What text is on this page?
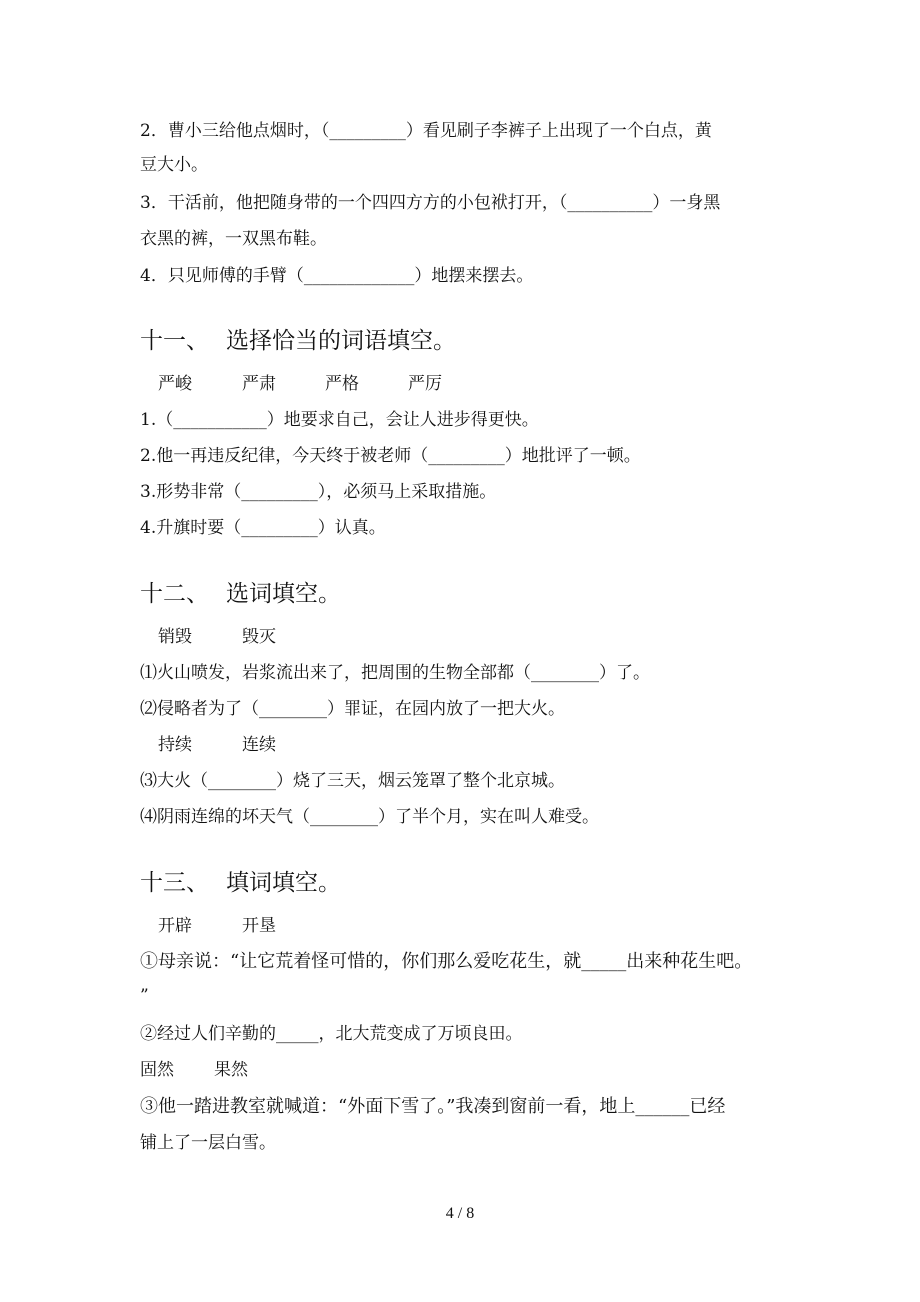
2．曹小三给他点烟时，（_________）看见刷子李裤子上出现了一个白点，黄
豆大小。
3．干活前，他把随身带的一个四四方方的小包袱打开，（__________）一身黑
衣黑的裤，一双黑布鞋。
4．只见师傅的手臂（_____________）地摆来摆去。
十一、 选择恰当的词语填空。
严峻	严肃	严格	严厉
1.（___________）地要求自己，会让人进步得更快。
2.他一再违反纪律，今天终于被老师（_________）地批评了一顿。
3.形势非常（_________），必须马上采取措施。
4.升旗时要（_________）认真。
十二、 选词填空。
销毁	毁灭
⑴火山喷发，岩浆流出来了，把周围的生物全部都（________）了。
⑵侵略者为了（________）罪证，在园内放了一把大火。
持续	连续
⑶大火（________）烧了三天，烟云笼罩了整个北京城。
⑷阴雨连绵的坏天气（________）了半个月，实在叫人难受。
十三、 填词填空。
开辟	开垦
①母亲说：“让它荒着怪可惜的，你们那么爱吃花生，就_____出来种花生吧。
”
②经过人们辛勤的_____，北大荒变成了万顷良田。
固然 果然
③他一踏进教室就喊道：“外面下雪了。”我凑到窗前一看，地上______已经
铺上了一层白雪。
4 / 8
